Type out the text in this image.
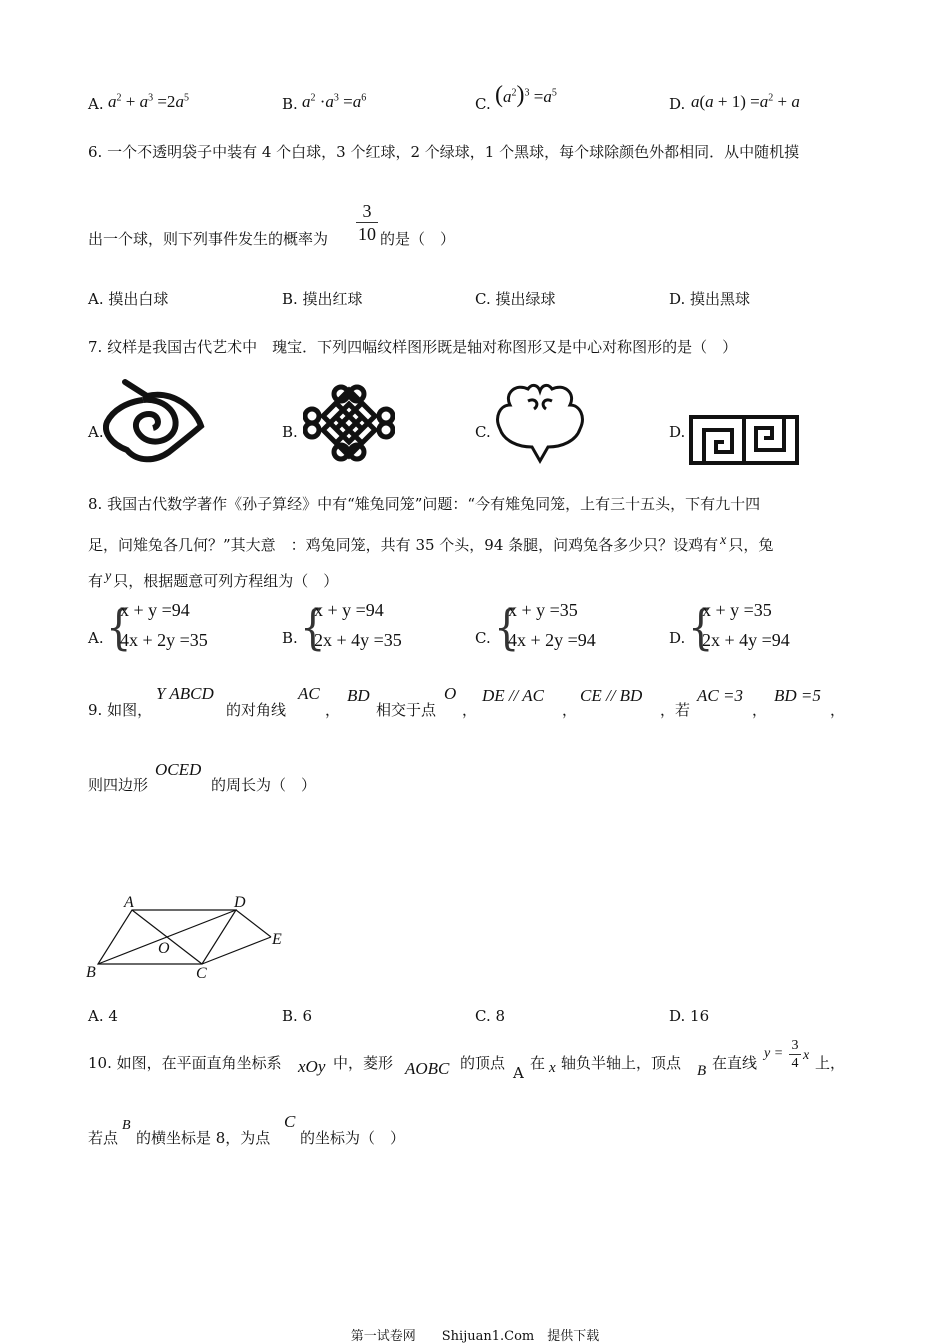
A. $a^2 + a^3 =2a^5$	B. $a^2 \cdot a^3 =a^6$	C. $(a^2)^3 =a^5$
D. $a(a + 1) =a^2 + a$
6. 一个不透明袋子中装有 4 个白球，3 个红球，2 个绿球，1 个黑球，每个球除颜色外都相同．从中随机摸
出一个球，则下列事件发生的概率为 $\frac{3}{10}$ 的是（　）
A. 摸出白球	B. 摸出红球	C. 摸出绿球	D. 摸出黑球
7. 纹样是我国古代艺术中　瑰宝．下列四幅纹样图形既是轴对称图形又是中心对称图形的是（　）
A.	B.	C.	D.
8. 我国古代数学著作《孙子算经》中有“雉兔同笼”问题：“今有雉兔同笼，上有三十五头，下有九十四
足，问雉兔各几何？”其大意　：鸡兔同笼，共有 35 个头，94 条腿，问鸡兔各多少只？设鸡有 x 只，兔
有 y 只，根据题意可列方程组为（　）
A. {
x + y =94
4x + 2y =35	B. {
x + y =94
2x + 4y =35	C. {
x + y =35
4x + 2y =94	D. {
x + y =35
2x + 4y =94
9. 如图，
Y ABCD
的对角线
AC
，
BD
相交于点
O
，
DE // AC
，
CE // BD
，若
AC =3
，
BD =5
，
则四边形
OCED
的周长为（　）
A	D
B	C
E
O
A. 4	B. 6	C. 8	D. 16
10. 如图，在平面直角坐标系 xOy 中，菱形 AOBC 的顶点
A
在 x 轴负半轴上，顶点 B 在直线
$y = \frac{3}{4}$ x 上，
若点
B
的横坐标是 8，为点
C
的坐标为（　）
第一试卷网　　Shijuan1.Com　提供下载
